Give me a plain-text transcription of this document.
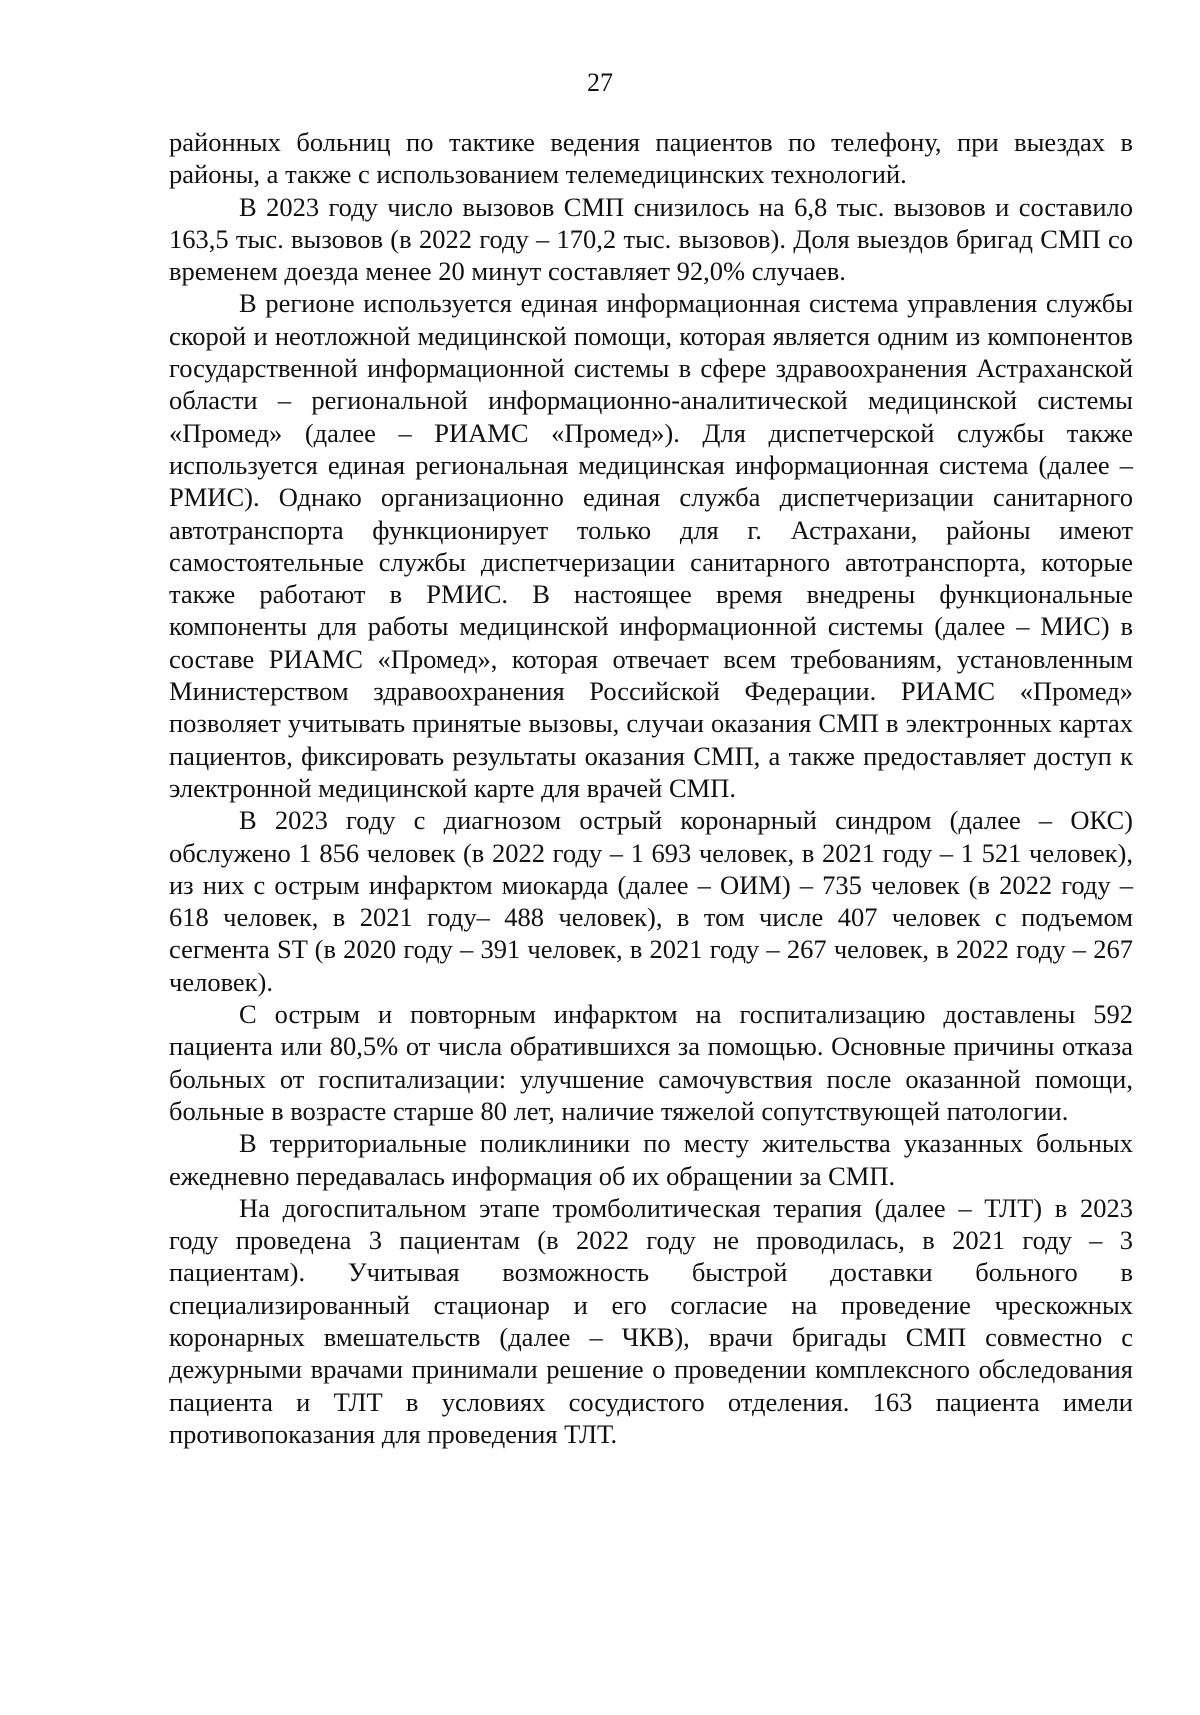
27

районных больниц по тактике ведения пациентов по телефону, при выездах в районы, а также с использованием телемедицинских технологий.

В 2023 году число вызовов СМП снизилось на 6,8 тыс. вызовов и составило 163,5 тыс. вызовов (в 2022 году – 170,2 тыс. вызовов). Доля выездов бригад СМП со временем доезда менее 20 минут составляет 92,0% случаев.

В регионе используется единая информационная система управления службы скорой и неотложной медицинской помощи, которая является одним из компонентов государственной информационной системы в сфере здравоохранения Астраханской области – региональной информационно-аналитической медицинской системы «Промед» (далее – РИАМС «Промед»). Для диспетчерской службы также используется единая региональная медицинская информационная система (далее – РМИС). Однако организационно единая служба диспетчеризации санитарного автотранспорта функционирует только для г. Астрахани, районы имеют самостоятельные службы диспетчеризации санитарного автотранспорта, которые также работают в РМИС. В настоящее время внедрены функциональные компоненты для работы медицинской информационной системы (далее – МИС) в составе РИАМС «Промед», которая отвечает всем требованиям, установленным Министерством здравоохранения Российской Федерации. РИАМС «Промед» позволяет учитывать принятые вызовы, случаи оказания СМП в электронных картах пациентов, фиксировать результаты оказания СМП, а также предоставляет доступ к электронной медицинской карте для врачей СМП.

В 2023 году с диагнозом острый коронарный синдром (далее – ОКС) обслужено 1 856 человек (в 2022 году – 1 693 человек, в 2021 году – 1 521 человек), из них с острым инфарктом миокарда (далее – ОИМ) – 735 человек (в 2022 году – 618 человек, в 2021 году– 488 человек), в том числе 407 человек с подъемом сегмента ST (в 2020 году – 391 человек, в 2021 году – 267 человек, в 2022 году – 267 человек).

С острым и повторным инфарктом на госпитализацию доставлены 592 пациента или 80,5% от числа обратившихся за помощью. Основные причины отказа больных от госпитализации: улучшение самочувствия после оказанной помощи, больные в возрасте старше 80 лет, наличие тяжелой сопутствующей патологии.

В территориальные поликлиники по месту жительства указанных больных ежедневно передавалась информация об их обращении за СМП.

На догоспитальном этапе тромболитическая терапия (далее – ТЛТ) в 2023 году проведена 3 пациентам (в 2022 году не проводилась, в 2021 году – 3 пациентам). Учитывая возможность быстрой доставки больного в специализированный стационар и его согласие на проведение чрескожных коронарных вмешательств (далее – ЧКВ), врачи бригады СМП совместно с дежурными врачами принимали решение о проведении комплексного обследования пациента и ТЛТ в условиях сосудистого отделения. 163 пациента имели противопоказания для проведения ТЛТ.
